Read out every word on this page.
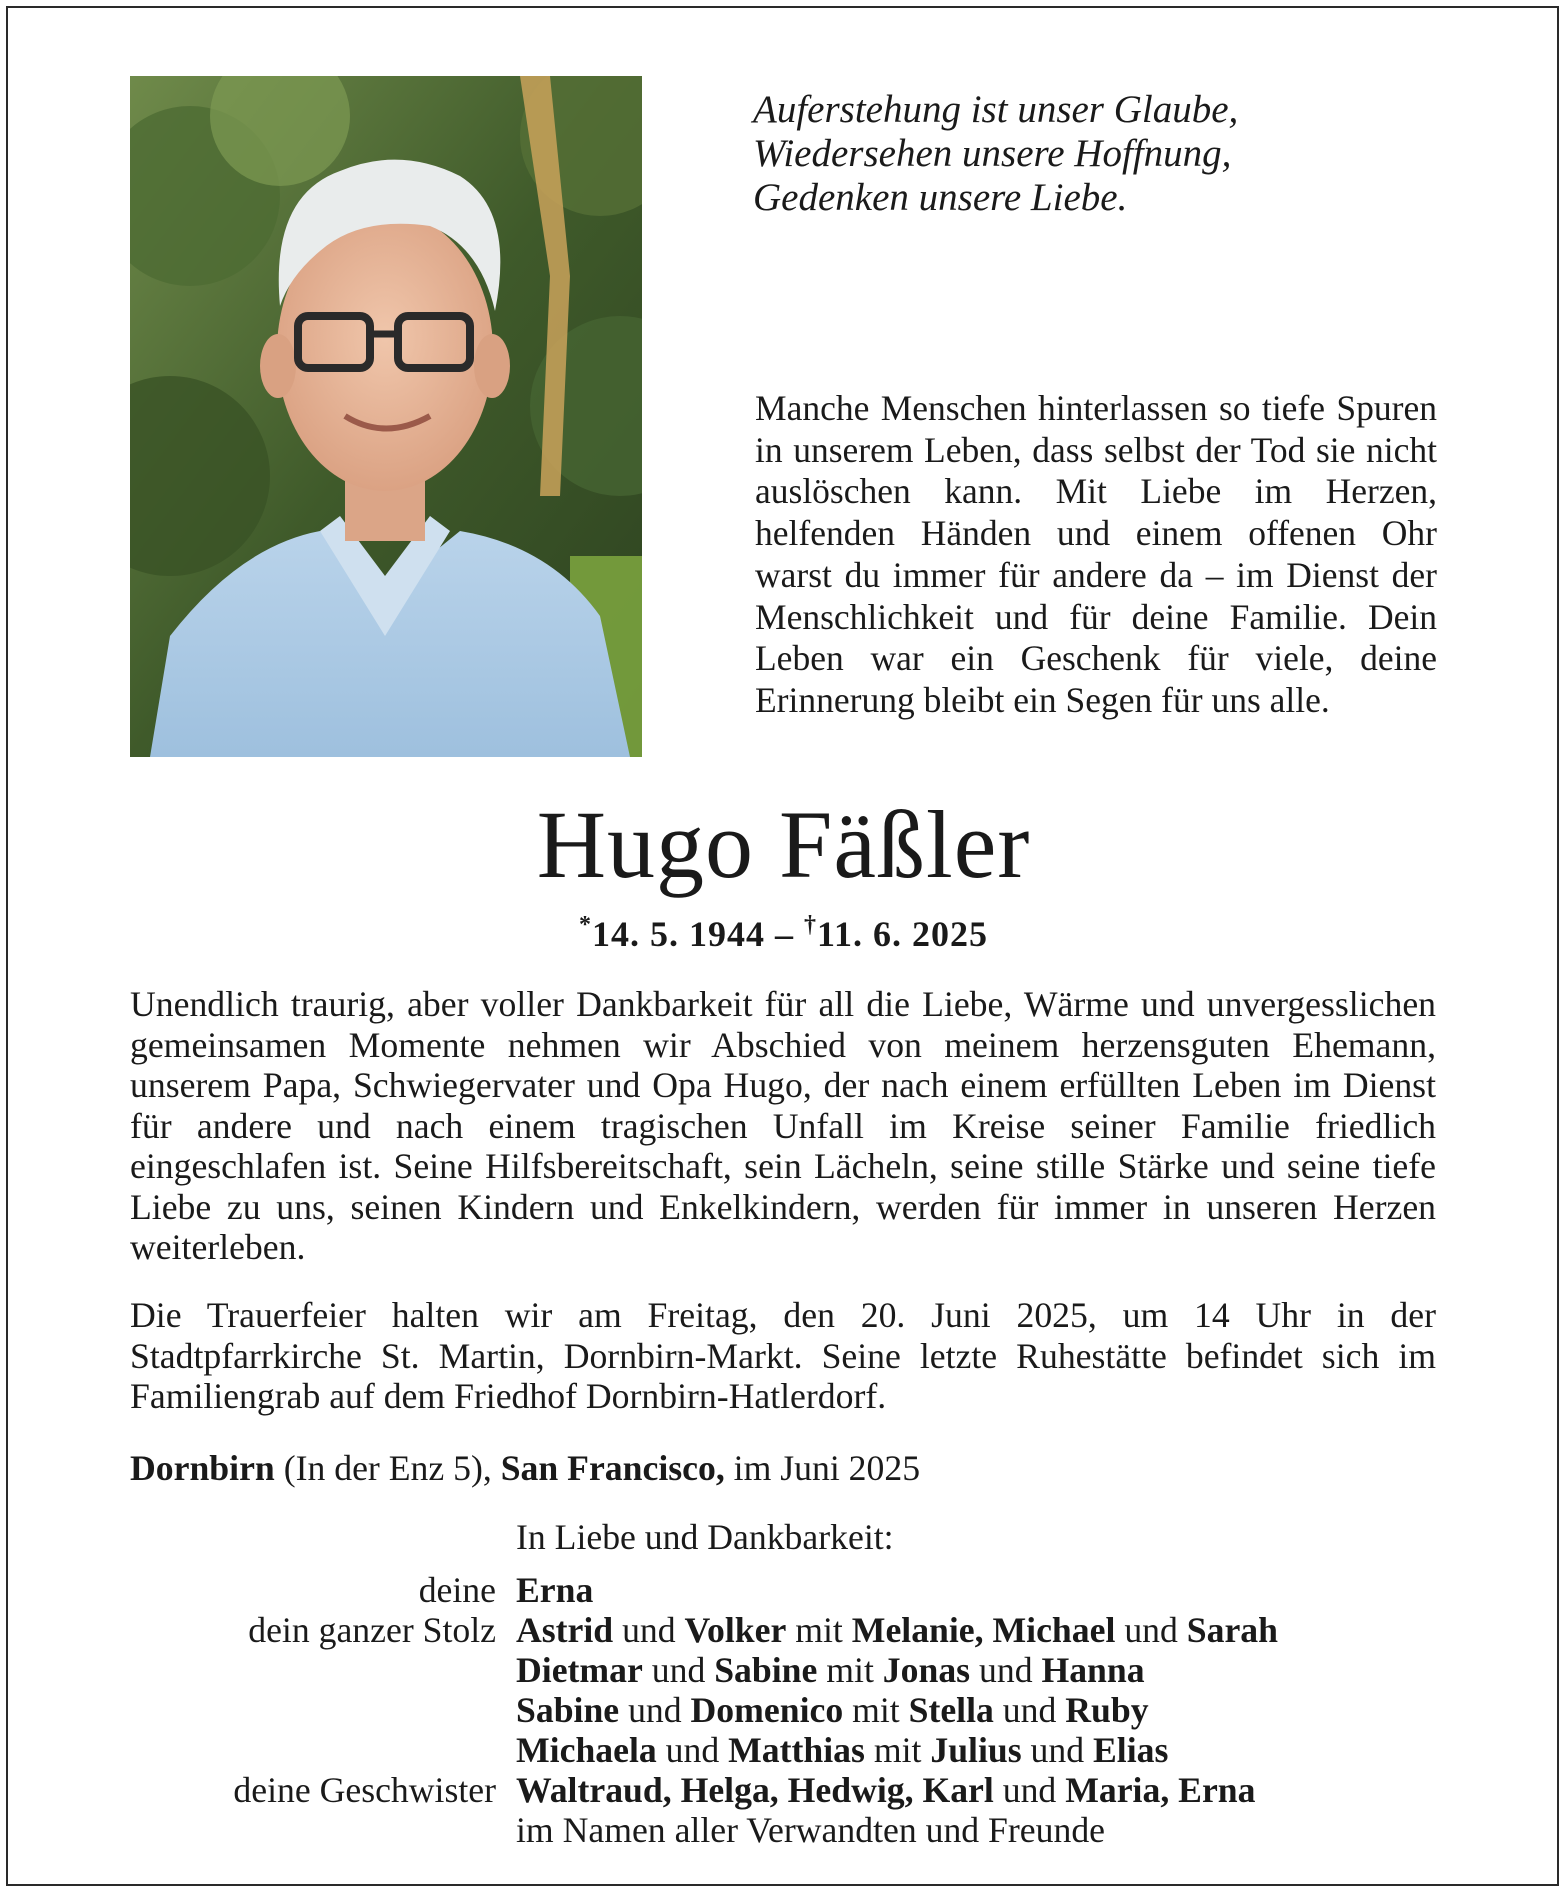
Auferstehung ist unser Glaube,
Wiedersehen unsere Hoffnung,
Gedenken unsere Liebe.

Manche Menschen hinterlassen so tiefe Spuren in unserem Leben, dass selbst der Tod sie nicht auslöschen kann. Mit Liebe im Herzen, helfenden Händen und einem offenen Ohr warst du immer für andere da – im Dienst der Menschlichkeit und für deine Familie. Dein Leben war ein Geschenk für viele, deine Erinnerung bleibt ein Segen für uns alle.

Hugo Fäßler
*14. 5. 1944 – †11. 6. 2025

Unendlich traurig, aber voller Dankbarkeit für all die Liebe, Wärme und unvergesslichen gemeinsamen Momente nehmen wir Abschied von meinem herzensguten Ehemann, unserem Papa, Schwiegervater und Opa Hugo, der nach einem erfüllten Leben im Dienst für andere und nach einem tragischen Unfall im Kreise seiner Familie friedlich eingeschlafen ist. Seine Hilfsbereitschaft, sein Lächeln, seine stille Stärke und seine tiefe Liebe zu uns, seinen Kindern und Enkelkindern, werden für immer in unseren Herzen weiterleben.

Die Trauerfeier halten wir am Freitag, den 20. Juni 2025, um 14 Uhr in der Stadtpfarrkirche St. Martin, Dornbirn-Markt. Seine letzte Ruhestätte befindet sich im Familiengrab auf dem Friedhof Dornbirn-Hatlerdorf.

Dornbirn (In der Enz 5), San Francisco, im Juni 2025
In Liebe und Dankbarkeit:
deine Erna
dein ganzer Stolz Astrid und Volker mit Melanie, Michael und Sarah
Dietmar und Sabine mit Jonas und Hanna
Sabine und Domenico mit Stella und Ruby
Michaela und Matthias mit Julius und Elias
deine Geschwister Waltraud, Helga, Hedwig, Karl und Maria, Erna
im Namen aller Verwandten und Freunde
